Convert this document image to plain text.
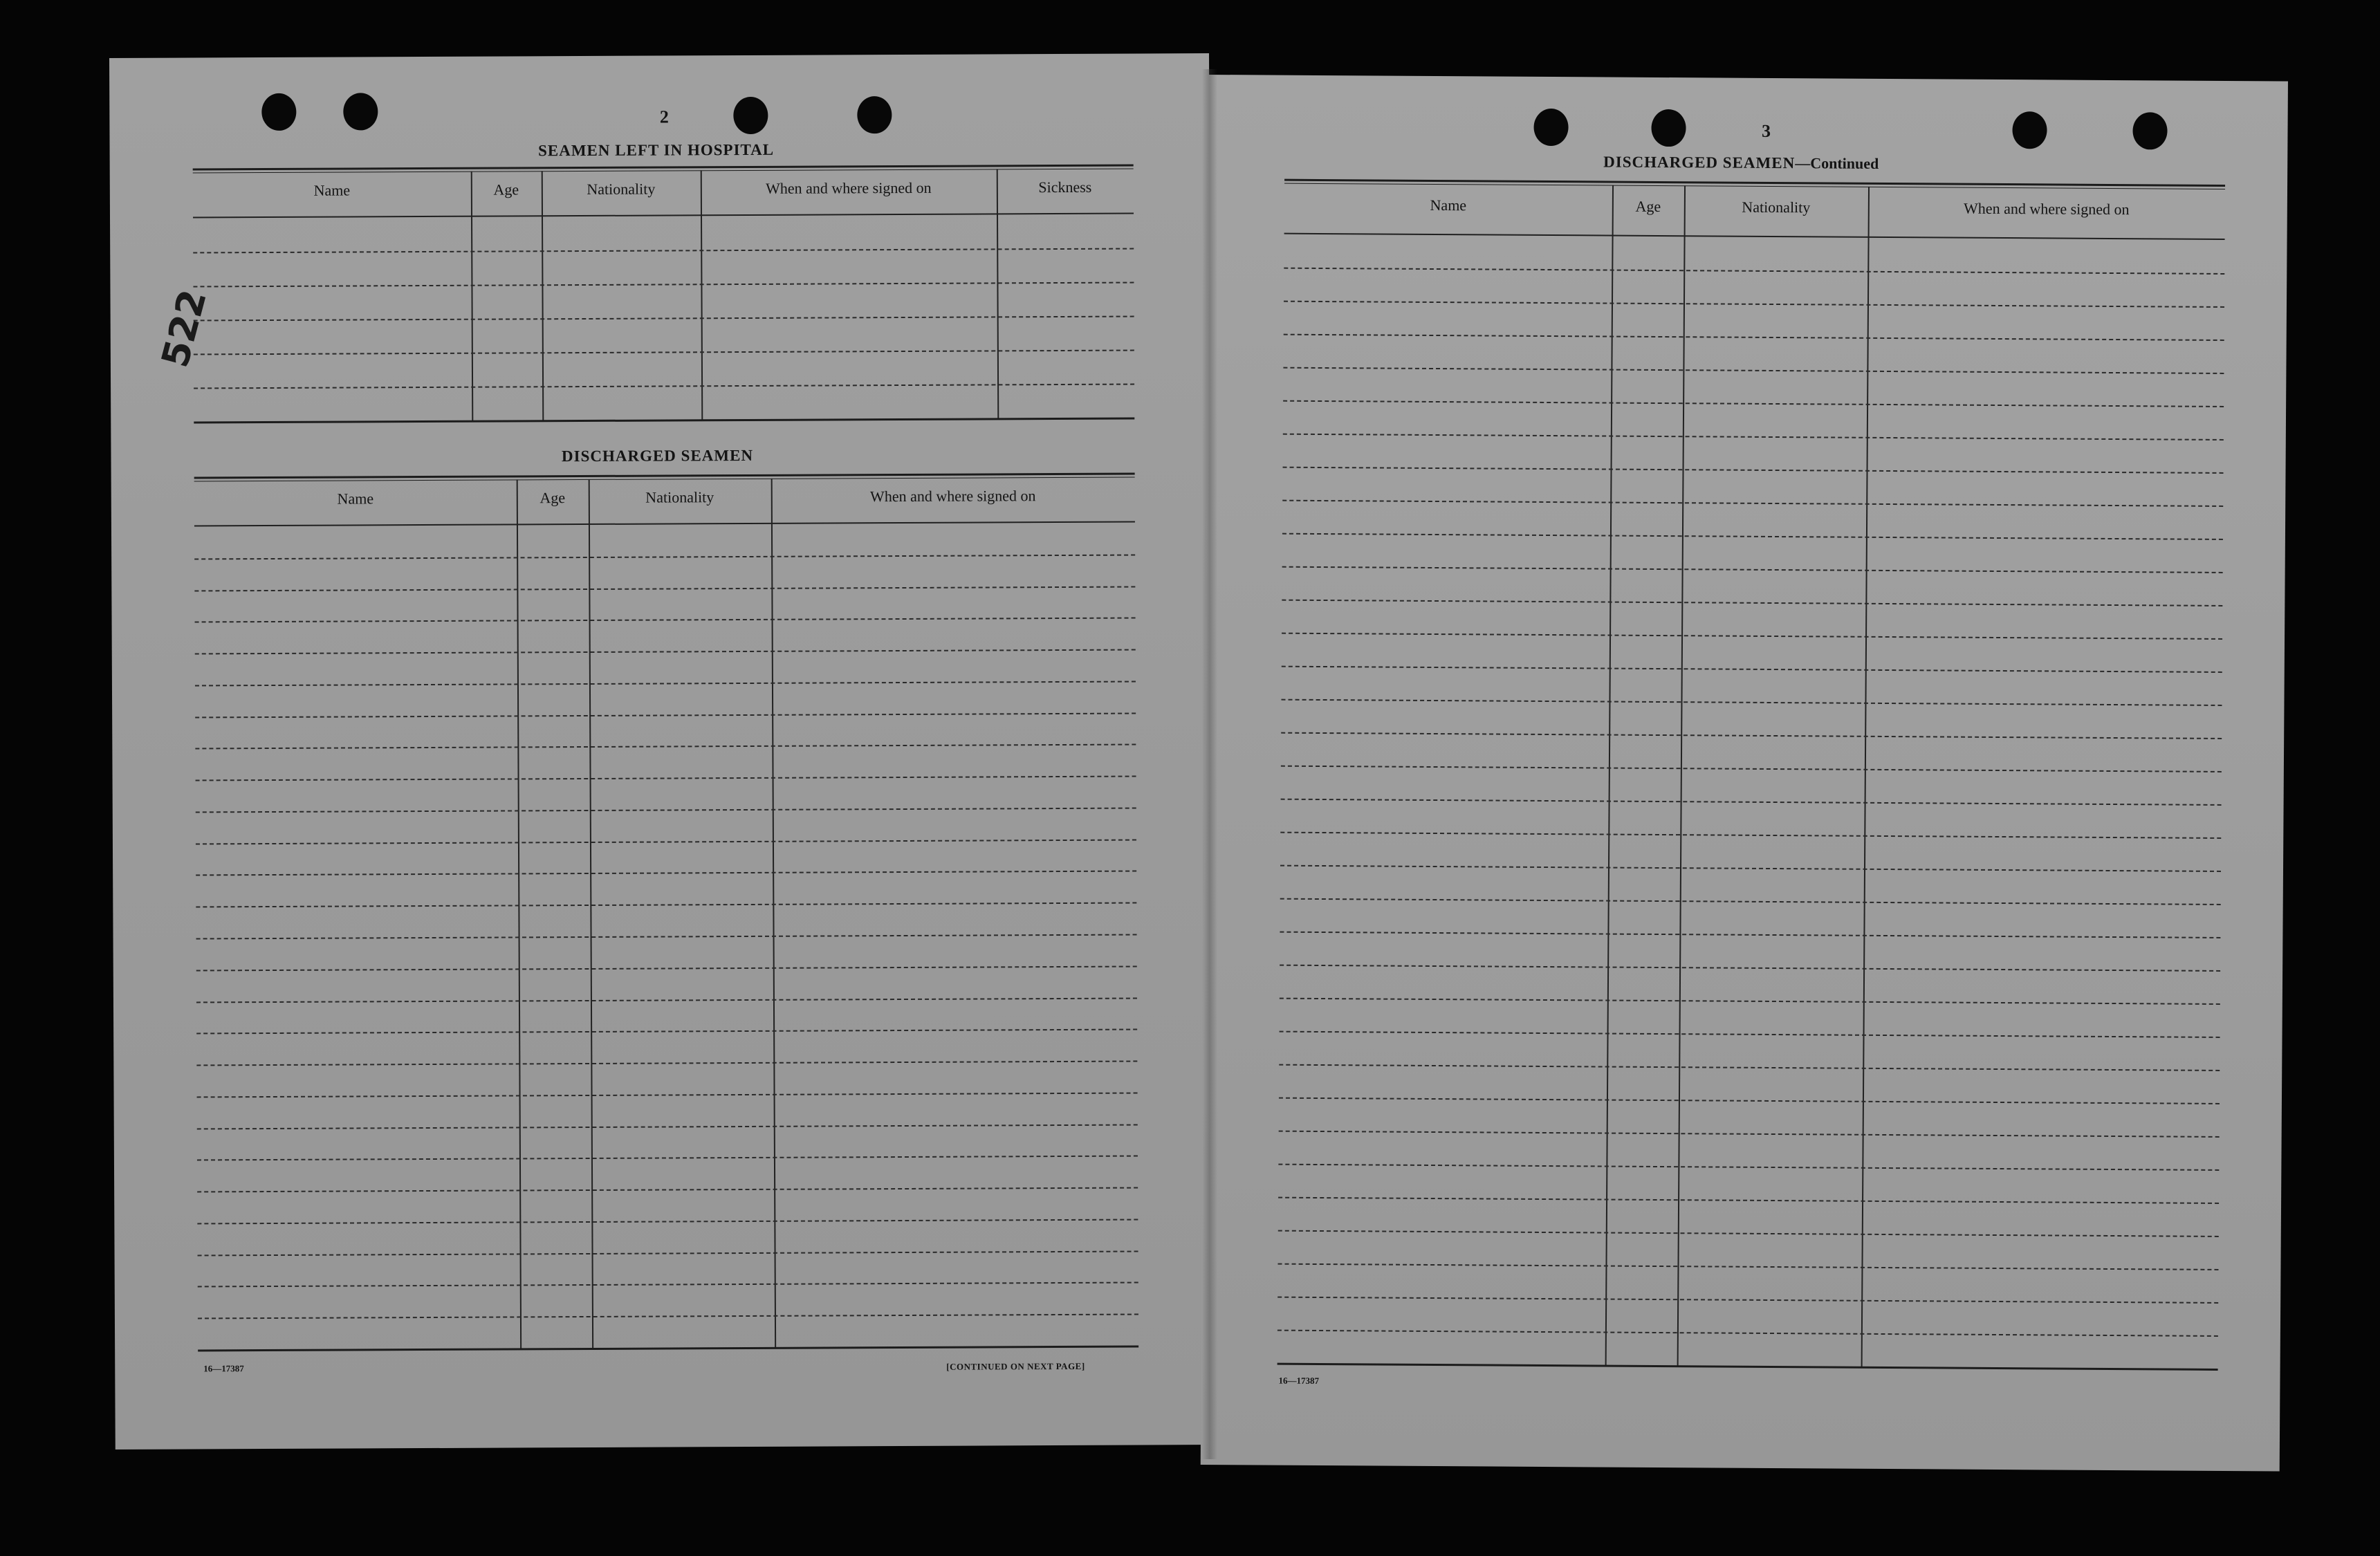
2
522
SEAMEN LEFT IN HOSPITAL
Name	Age	Nationality	When and where signed on	Sickness
DISCHARGED SEAMEN
Name	Age	Nationality	When and where signed on
16—17387	[CONTINUED ON NEXT PAGE]
3
DISCHARGED SEAMEN—Continued
Name	Age	Nationality	When and where signed on
16—17387
